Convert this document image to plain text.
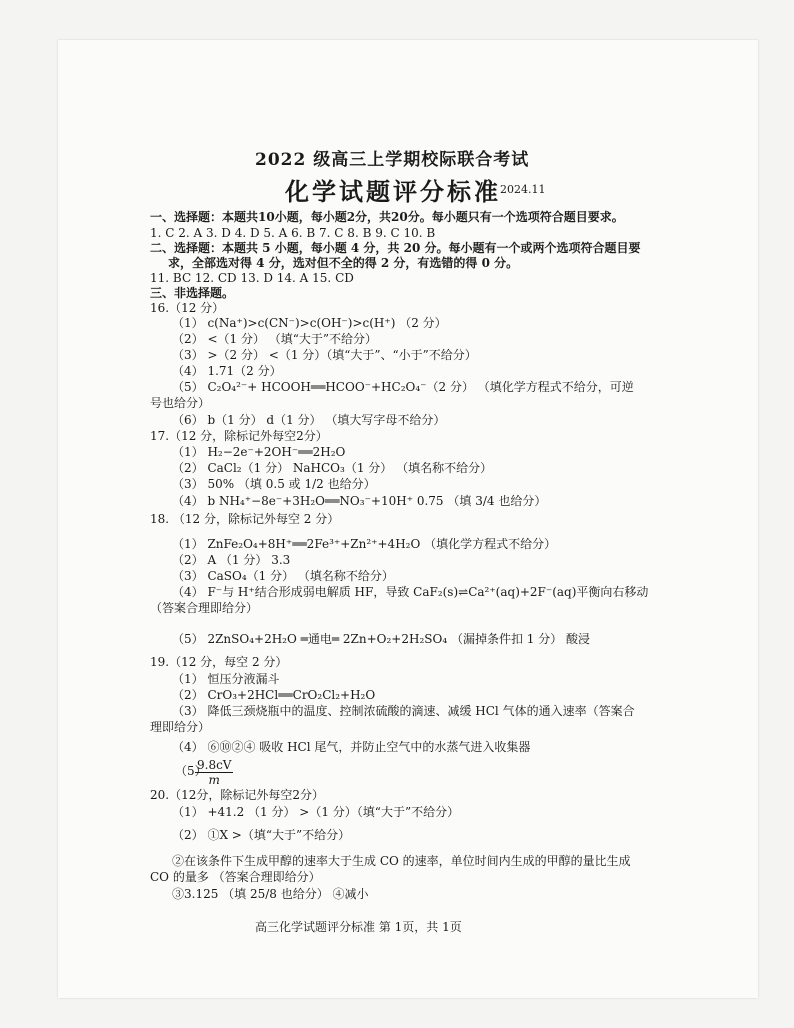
2022 级高三上学期校际联合考试
化学试题评分标准 2024.11
一、选择题：本题共10小题，每小题2分，共20分。每小题只有一个选项符合题目要求。
1. C 2. A 3. D 4. D 5. A 6. B 7. C 8. B 9. C 10. B
二、选择题：本题共 5 小题，每小题 4 分，共 20 分。每小题有一个或两个选项符合题目要
求，全部选对得 4 分，选对但不全的得 2 分，有选错的得 0 分。
11. BC 12. CD 13. D 14. A 15. CD
三、非选择题。
16.（12 分）
（1） c(Na⁺)>c(CN⁻)>c(OH⁻)>c(H⁺) （2 分）
（2） <（1 分） （填“大于”不给分）
（3） >（2 分） <（1 分）（填“大于”、“小于”不给分）
（4） 1.71（2 分）
（5） C₂O₄²⁻+ HCOOH══HCOO⁻+HC₂O₄⁻（2 分） （填化学方程式不给分，可逆
号也给分）
（6） b（1 分） d（1 分） （填大写字母不给分）
17.（12 分，除标记外每空2分）
（1） H₂−2e⁻+2OH⁻══2H₂O
（2） CaCl₂（1 分） NaHCO₃（1 分） （填名称不给分）
（3） 50% （填 0.5 或 1/2 也给分）
（4） b NH₄⁺−8e⁻+3H₂O══NO₃⁻+10H⁺ 0.75 （填 3/4 也给分）
18. （12 分，除标记外每空 2 分）
（1） ZnFe₂O₄+8H⁺══2Fe³⁺+Zn²⁺+4H₂O （填化学方程式不给分）
（2） A （1 分） 3.3
（3） CaSO₄（1 分） （填名称不给分）
（4） F⁻与 H⁺结合形成弱电解质 HF，导致 CaF₂(s)⇌Ca²⁺(aq)+2F⁻(aq)平衡向右移动
（答案合理即给分）
（5） 2ZnSO₄+2H₂O ═通电═ 2Zn+O₂+2H₂SO₄ （漏掉条件扣 1 分） 酸浸
19.（12 分，每空 2 分）
（1） 恒压分液漏斗
（2） CrO₃+2HCl══CrO₂Cl₂+H₂O
（3） 降低三颈烧瓶中的温度、控制浓硫酸的滴速、减缓 HCl 气体的通入速率（答案合
理即给分）
（4） ⑥⑩②④ 吸收 HCl 尾气，并防止空气中的水蒸气进入收集器
20.（12分，除标记外每空2分）
（1） +41.2 （1 分） >（1 分）（填“大于”不给分）
（2） ①X >（填“大于”不给分）
②在该条件下生成甲醇的速率大于生成 CO 的速率，单位时间内生成的甲醇的量比生成
CO 的量多 （答案合理即给分）
③3.125 （填 25/8 也给分） ④减小
（5）
$\frac{9.8cV}{m}$
高三化学试题评分标准 第 1页，共 1页
